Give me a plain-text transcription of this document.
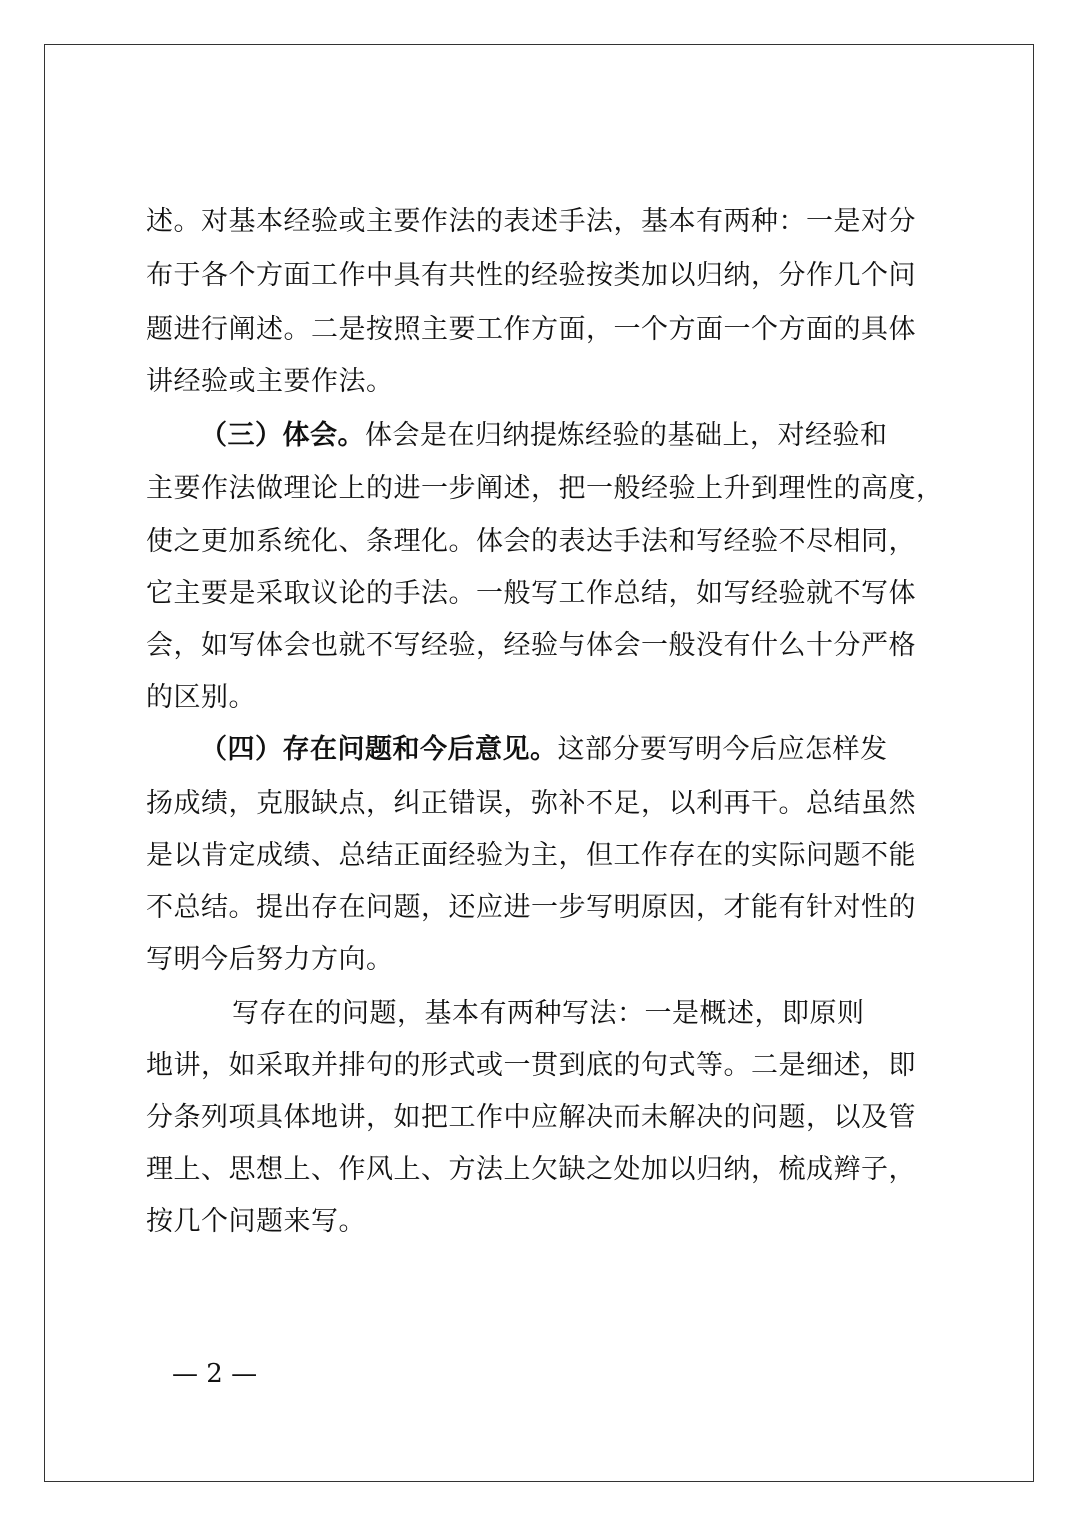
述。对基本经验或主要作法的表述手法，基本有两种：一是对分
布于各个方面工作中具有共性的经验按类加以归纳，分作几个问
题进行阐述。二是按照主要工作方面，一个方面一个方面的具体
讲经验或主要作法。
（三）体会。体会是在归纳提炼经验的基础上，对经验和
主要作法做理论上的进一步阐述，把一般经验上升到理性的高度，
使之更加系统化、条理化。体会的表达手法和写经验不尽相同，
它主要是采取议论的手法。一般写工作总结，如写经验就不写体
会，如写体会也就不写经验，经验与体会一般没有什么十分严格
的区别。
（四）存在问题和今后意见。这部分要写明今后应怎样发
扬成绩，克服缺点，纠正错误，弥补不足，以利再干。总结虽然
是以肯定成绩、总结正面经验为主，但工作存在的实际问题不能
不总结。提出存在问题，还应进一步写明原因，才能有针对性的
写明今后努力方向。
写存在的问题，基本有两种写法：一是概述，即原则
地讲，如采取并排句的形式或一贯到底的句式等。二是细述，即
分条列项具体地讲，如把工作中应解决而未解决的问题，以及管
理上、思想上、作风上、方法上欠缺之处加以归纳，梳成辫子，
按几个问题来写。
— 2 —
